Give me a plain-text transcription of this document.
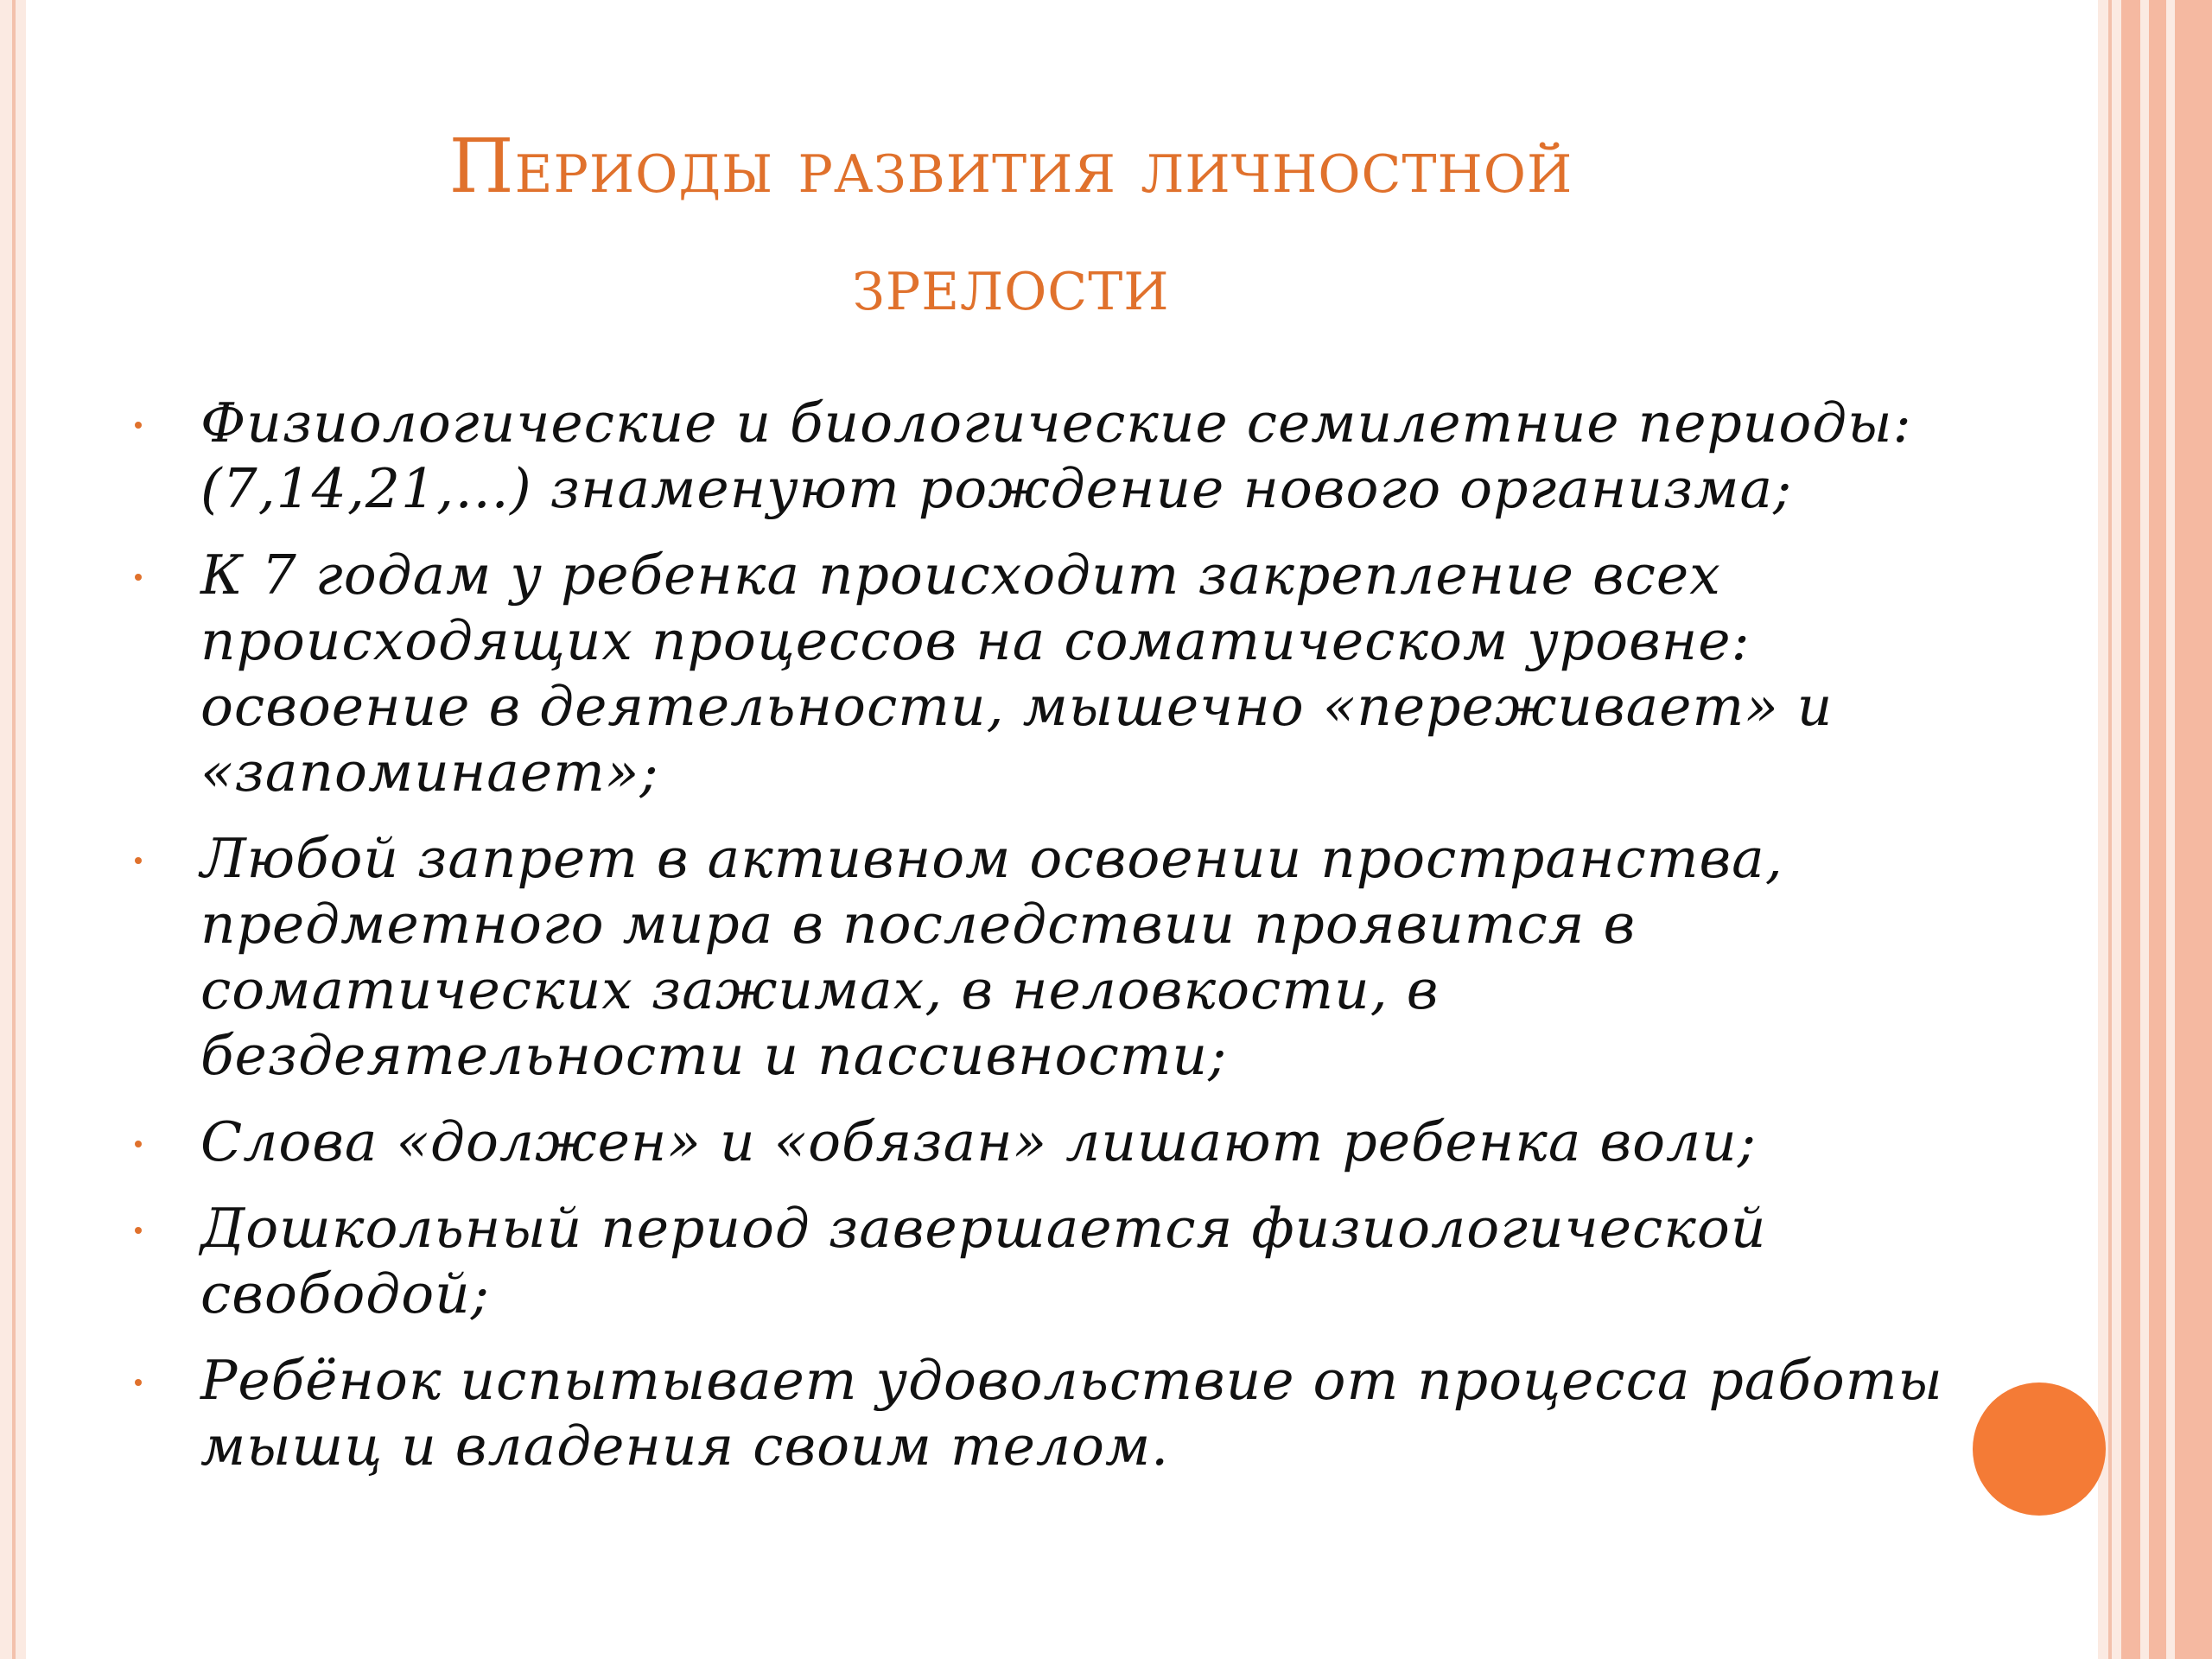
Периоды развития личностной
зрелости
Физиологические и биологические семилетние периоды: (7,14,21,…) знаменуют рождение нового организма;
К 7 годам у ребенка происходит закрепление всех происходящих процессов на соматическом уровне: освоение в деятельности, мышечно «переживает» и «запоминает»;
Любой запрет в активном освоении пространства, предметного мира в последствии проявится в соматических зажимах, в неловкости, в бездеятельности и пассивности;
Слова «должен» и «обязан» лишают ребенка воли;
Дошкольный период завершается физиологической свободой;
Ребёнок испытывает удовольствие от процесса работы мышц и владения своим телом.
